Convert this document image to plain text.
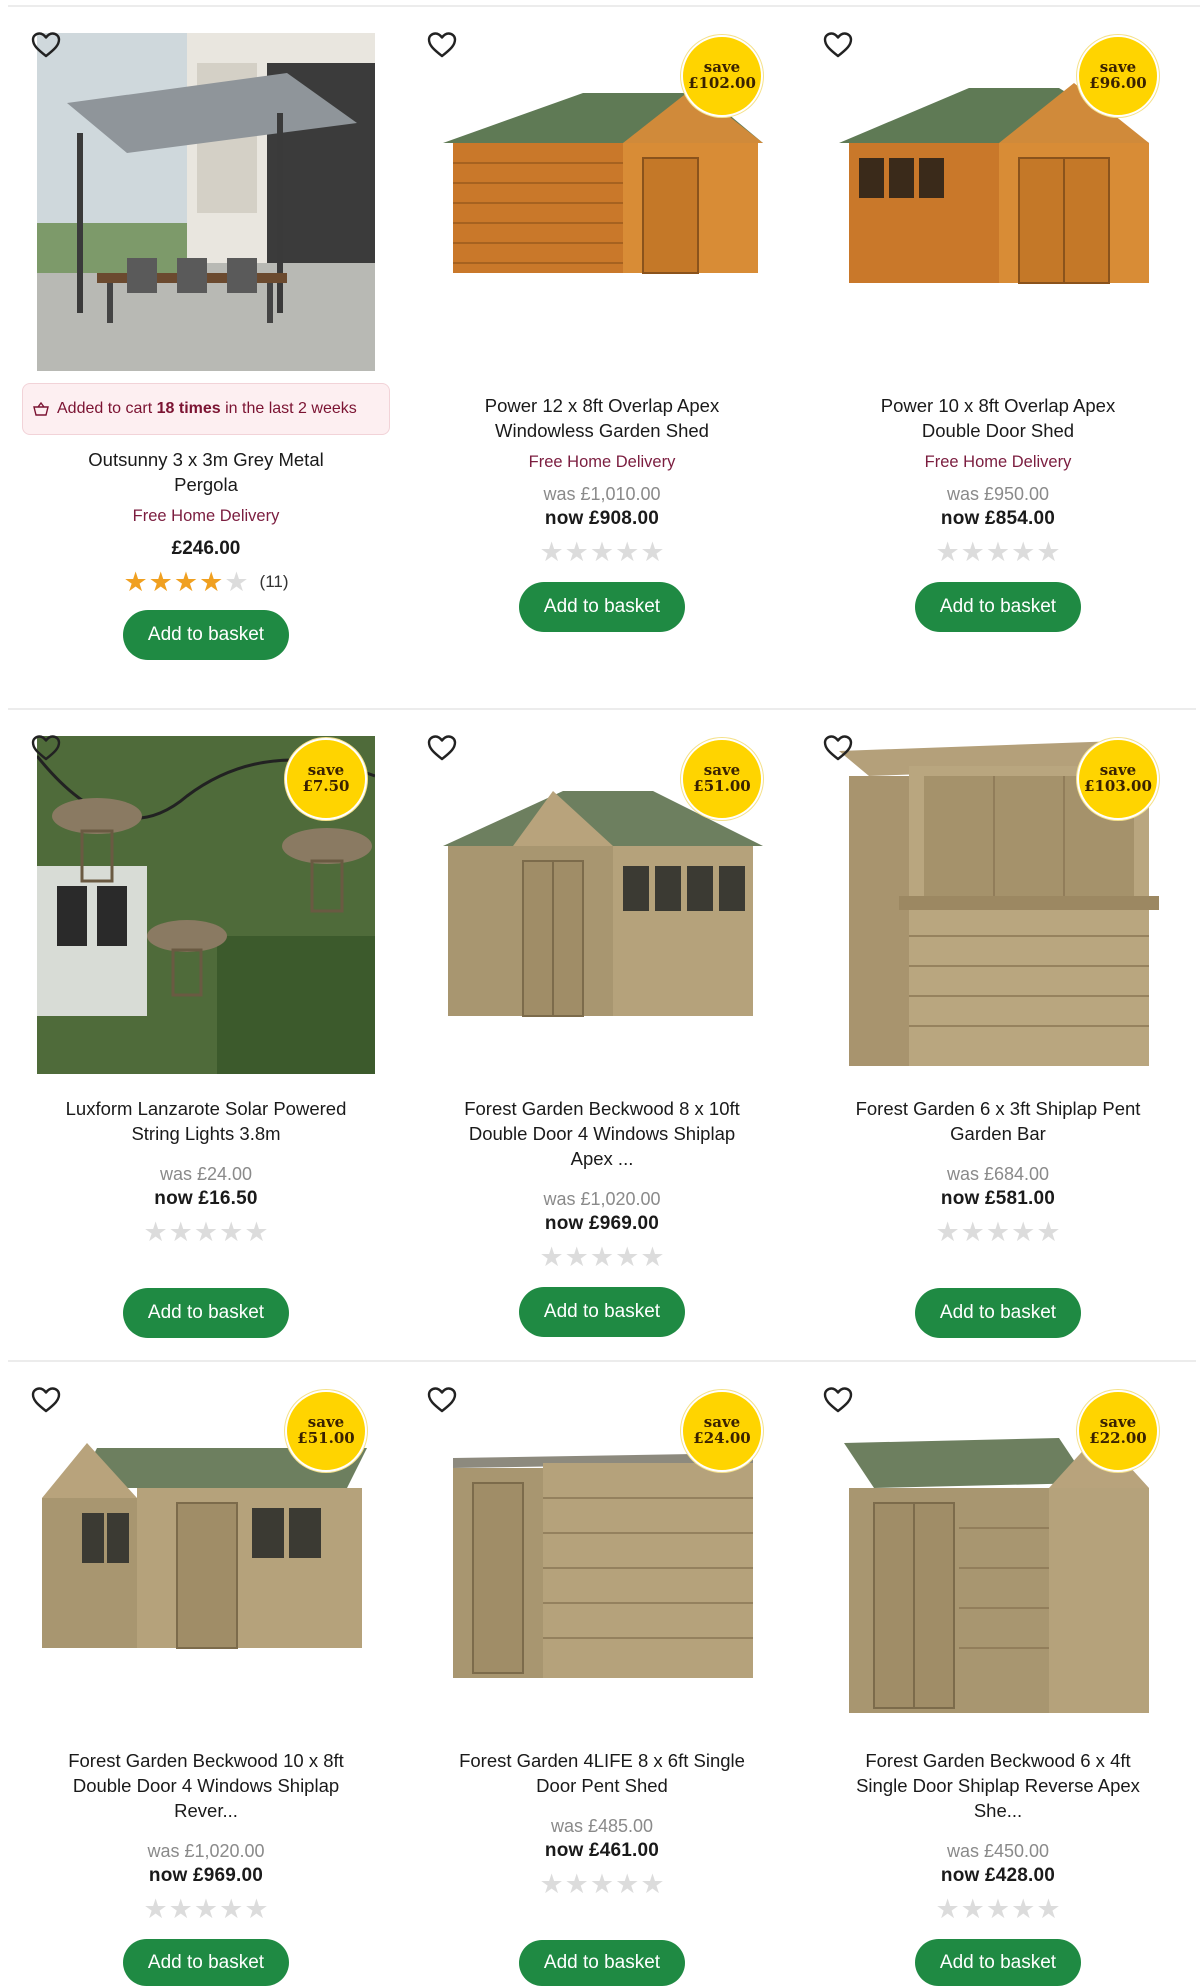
Added to cart 18 times in the last 2 weeks
Outsunny 3 x 3m Grey Metal Pergola
Free Home Delivery
£246.00
★ ★ ★ ★ ★ (11)
Add to basket
save
£102.00
Power 12 x 8ft Overlap Apex Windowless Garden Shed
Free Home Delivery
was £1,010.00
now £908.00
★ ★ ★ ★ ★
Add to basket
save
£96.00
Power 10 x 8ft Overlap Apex Double Door Shed
Free Home Delivery
was £950.00
now £854.00
★ ★ ★ ★ ★
Add to basket
save
£7.50
Luxform Lanzarote Solar Powered String Lights 3.8m
was £24.00
now £16.50
★ ★ ★ ★ ★
Add to basket
save
£51.00
Forest Garden Beckwood 8 x 10ft Double Door 4 Windows Shiplap Apex ...
was £1,020.00
now £969.00
★ ★ ★ ★ ★
Add to basket
save
£103.00
Forest Garden 6 x 3ft Shiplap Pent Garden Bar
was £684.00
now £581.00
★ ★ ★ ★ ★
Add to basket
save
£51.00
Forest Garden Beckwood 10 x 8ft Double Door 4 Windows Shiplap Rever...
was £1,020.00
now £969.00
★ ★ ★ ★ ★
Add to basket
save
£24.00
Forest Garden 4LIFE 8 x 6ft Single Door Pent Shed
was £485.00
now £461.00
★ ★ ★ ★ ★
Add to basket
save
£22.00
Forest Garden Beckwood 6 x 4ft Single Door Shiplap Reverse Apex She...
was £450.00
now £428.00
★ ★ ★ ★ ★
Add to basket
